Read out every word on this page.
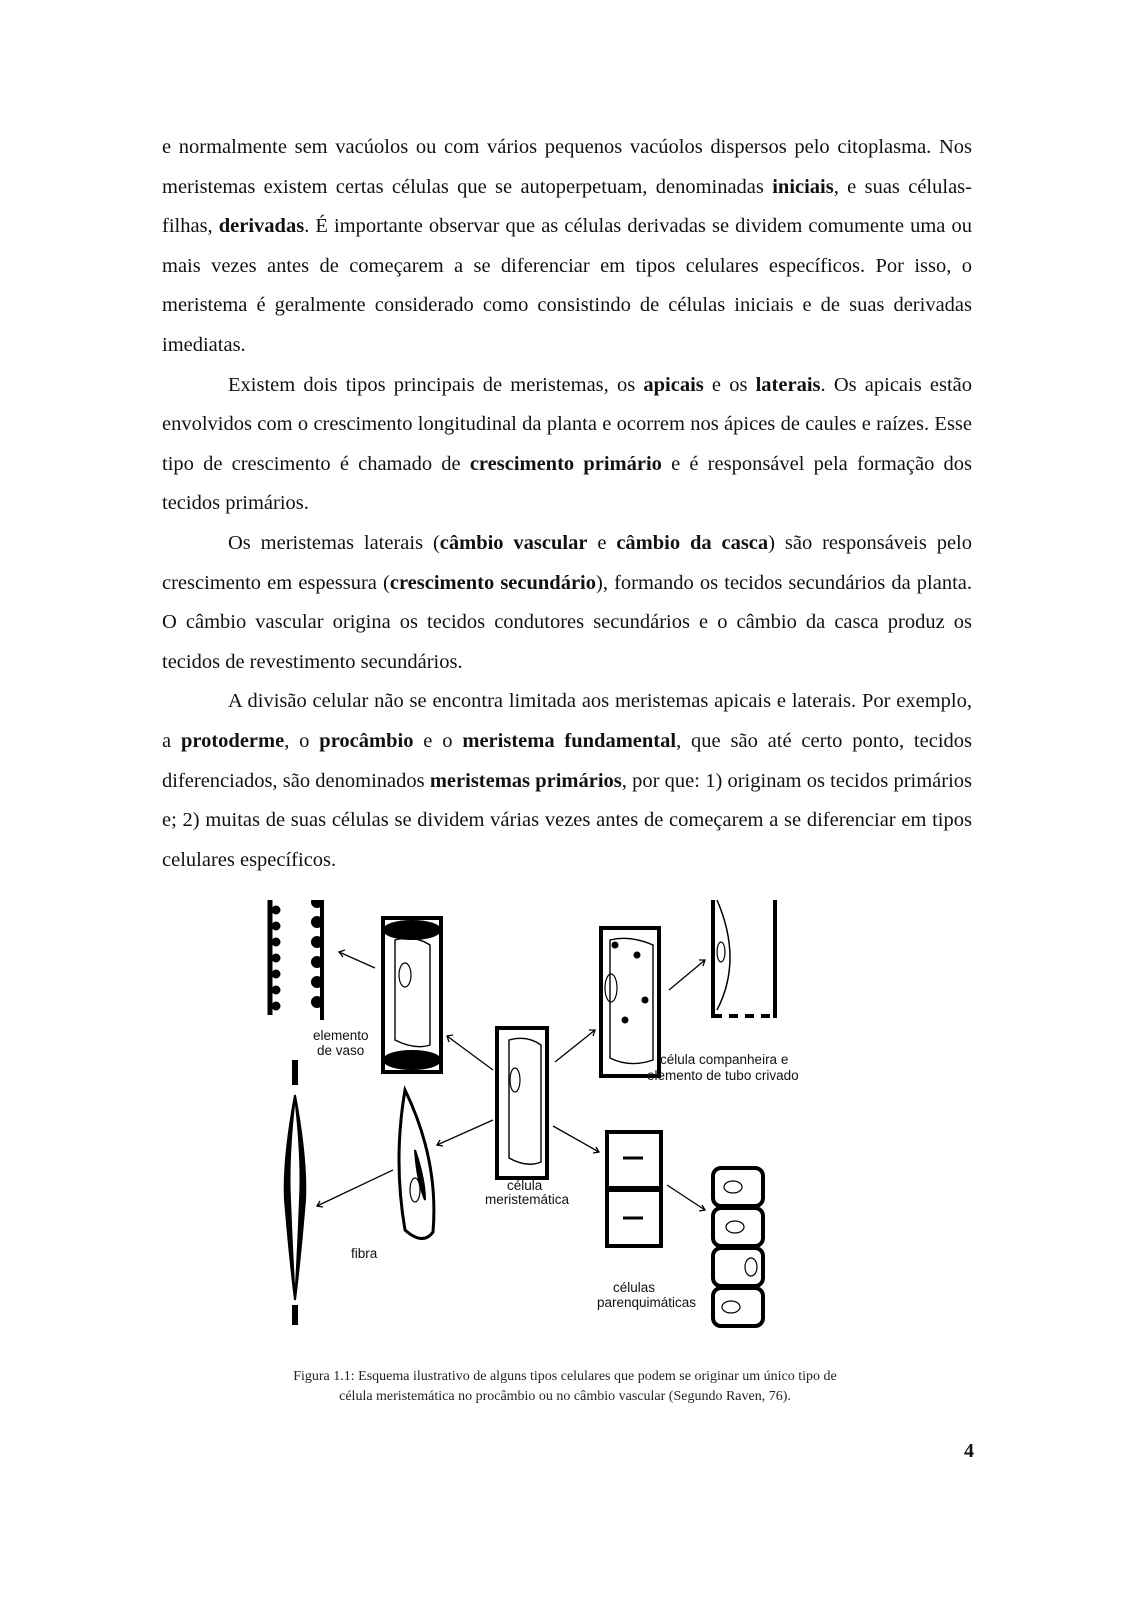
e normalmente sem vacúolos ou com vários pequenos vacúolos dispersos pelo citoplasma. Nos meristemas existem certas células que se autoperpetuam, denominadas iniciais, e suas células-filhas, derivadas. É importante observar que as células derivadas se dividem comumente uma ou mais vezes antes de começarem a se diferenciar em tipos celulares específicos. Por isso, o meristema é geralmente considerado como consistindo de células iniciais e de suas derivadas imediatas.

Existem dois tipos principais de meristemas, os apicais e os laterais. Os apicais estão envolvidos com o crescimento longitudinal da planta e ocorrem nos ápices de caules e raízes. Esse tipo de crescimento é chamado de crescimento primário e é responsável pela formação dos tecidos primários.

Os meristemas laterais (câmbio vascular e câmbio da casca) são responsáveis pelo crescimento em espessura (crescimento secundário), formando os tecidos secundários da planta. O câmbio vascular origina os tecidos condutores secundários e o câmbio da casca produz os tecidos de revestimento secundários.

A divisão celular não se encontra limitada aos meristemas apicais e laterais. Por exemplo, a protoderme, o procâmbio e o meristema fundamental, que são até certo ponto, tecidos diferenciados, são denominados meristemas primários, por que: 1) originam os tecidos primários e; 2) muitas de suas células se dividem várias vezes antes de começarem a se diferenciar em tipos celulares específicos.

elemento
de vaso
célula companheira e
elemento de tubo crivado
célula
meristemática
fibra
células
parenquimáticas
Figura 1.1: Esquema ilustrativo de alguns tipos celulares que podem se originar um único tipo de
célula meristemática no procâmbio ou no câmbio vascular (Segundo Raven, 76).
4
